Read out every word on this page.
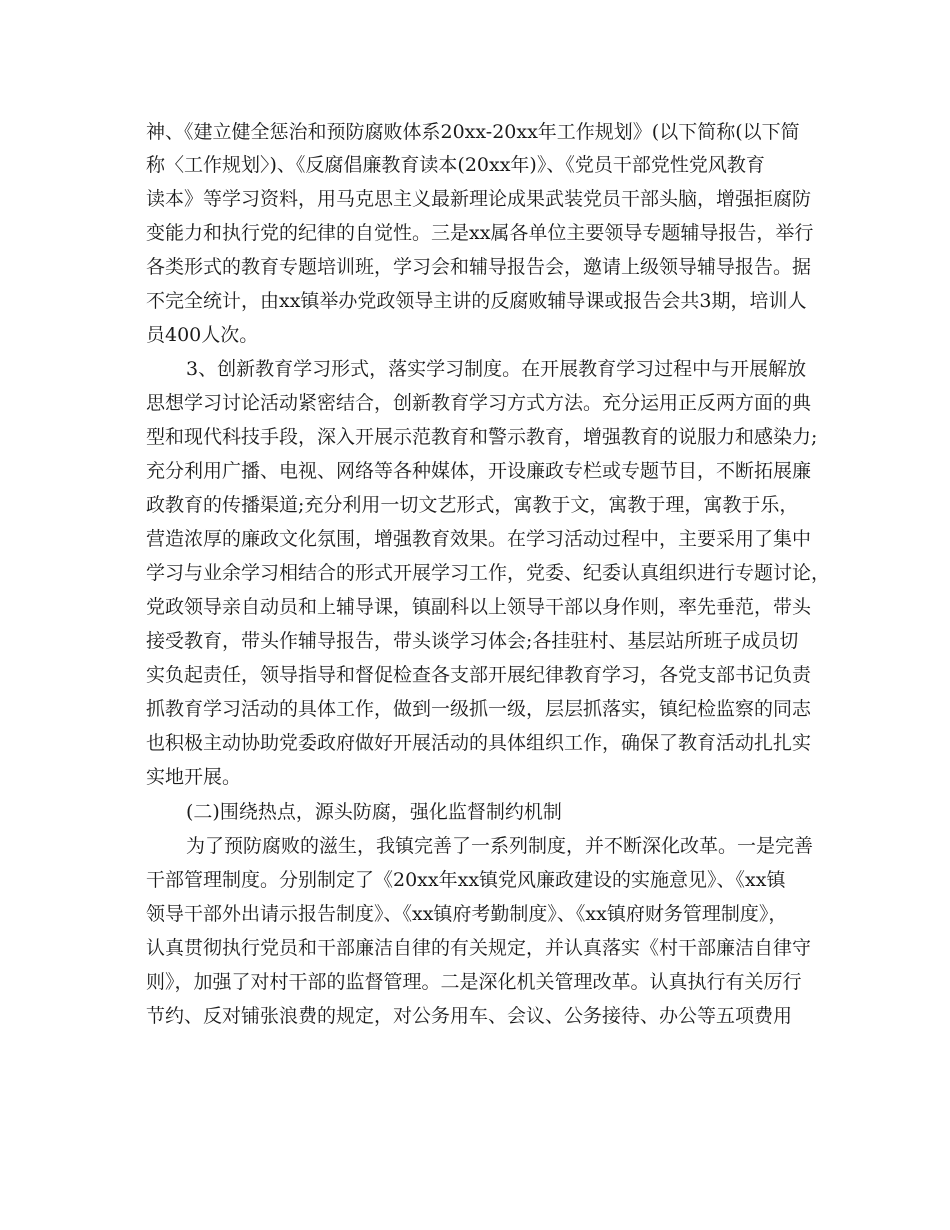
神、《建立健全惩治和预防腐败体系20xx-20xx年工作规划》(以下简称(以下简
称〈工作规划〉)、《反腐倡廉教育读本(20xx年)》、《党员干部党性党风教育
读本》等学习资料，用马克思主义最新理论成果武装党员干部头脑，增强拒腐防
变能力和执行党的纪律的自觉性。三是xx属各单位主要领导专题辅导报告，举行
各类形式的教育专题培训班，学习会和辅导报告会，邀请上级领导辅导报告。据
不完全统计，由xx镇举办党政领导主讲的反腐败辅导课或报告会共3期，培训人
员400人次。
3、创新教育学习形式，落实学习制度。在开展教育学习过程中与开展解放
思想学习讨论活动紧密结合，创新教育学习方式方法。充分运用正反两方面的典
型和现代科技手段，深入开展示范教育和警示教育，增强教育的说服力和感染力;
充分利用广播、电视、网络等各种媒体，开设廉政专栏或专题节目，不断拓展廉
政教育的传播渠道;充分利用一切文艺形式，寓教于文，寓教于理，寓教于乐，
营造浓厚的廉政文化氛围，增强教育效果。在学习活动过程中，主要采用了集中
学习与业余学习相结合的形式开展学习工作，党委、纪委认真组织进行专题讨论，
党政领导亲自动员和上辅导课，镇副科以上领导干部以身作则，率先垂范，带头
接受教育，带头作辅导报告，带头谈学习体会;各挂驻村、基层站所班子成员切
实负起责任，领导指导和督促检查各支部开展纪律教育学习，各党支部书记负责
抓教育学习活动的具体工作，做到一级抓一级，层层抓落实，镇纪检监察的同志
也积极主动协助党委政府做好开展活动的具体组织工作，确保了教育活动扎扎实
实地开展。
(二)围绕热点，源头防腐，强化监督制约机制
为了预防腐败的滋生，我镇完善了一系列制度，并不断深化改革。一是完善
干部管理制度。分别制定了《20xx年xx镇党风廉政建设的实施意见》、《xx镇
领导干部外出请示报告制度》、《xx镇府考勤制度》、《xx镇府财务管理制度》，
认真贯彻执行党员和干部廉洁自律的有关规定，并认真落实《村干部廉洁自律守
则》，加强了对村干部的监督管理。二是深化机关管理改革。认真执行有关厉行
节约、反对铺张浪费的规定，对公务用车、会议、公务接待、办公等五项费用
